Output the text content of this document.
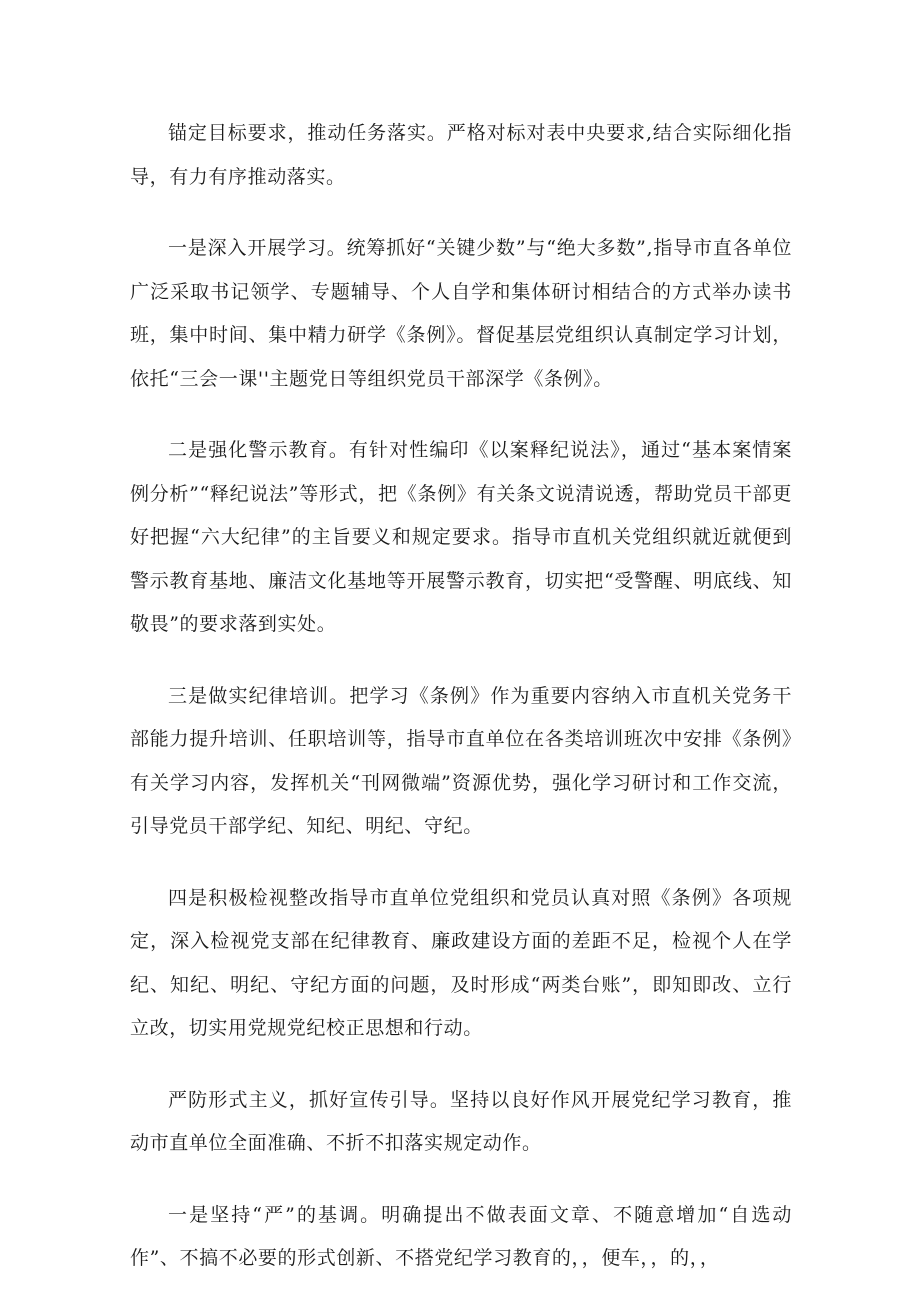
锚定目标要求，推动任务落实。严格对标对表中央要求,结合实际细化指导，有力有序推动落实。

一是深入开展学习。统筹抓好“关键少数”与“绝大多数”,指导市直各单位广泛采取书记领学、专题辅导、个人自学和集体研讨相结合的方式举办读书班，集中时间、集中精力研学《条例》。督促基层党组织认真制定学习计划，依托“三会一课''主题党日等组织党员干部深学《条例》。

二是强化警示教育。有针对性编印《以案释纪说法》，通过“基本案情案例分析”“释纪说法”等形式，把《条例》有关条文说清说透，帮助党员干部更好把握“六大纪律”的主旨要义和规定要求。指导市直机关党组织就近就便到警示教育基地、廉洁文化基地等开展警示教育，切实把“受警醒、明底线、知敬畏”的要求落到实处。

三是做实纪律培训。把学习《条例》作为重要内容纳入市直机关党务干部能力提升培训、任职培训等，指导市直单位在各类培训班次中安排《条例》有关学习内容，发挥机关“刊网微端”资源优势，强化学习研讨和工作交流，引导党员干部学纪、知纪、明纪、守纪。

四是积极检视整改指导市直单位党组织和党员认真对照《条例》各项规定，深入检视党支部在纪律教育、廉政建设方面的差距不足，检视个人在学纪、知纪、明纪、守纪方面的问题，及时形成“两类台账”，即知即改、立行立改，切实用党规党纪校正思想和行动。

严防形式主义，抓好宣传引导。坚持以良好作风开展党纪学习教育，推动市直单位全面准确、不折不扣落实规定动作。

一是坚持“严”的基调。明确提出不做表面文章、不随意增加“自选动作”、不搞不必要的形式创新、不搭党纪学习教育的，，便车，，的，，
